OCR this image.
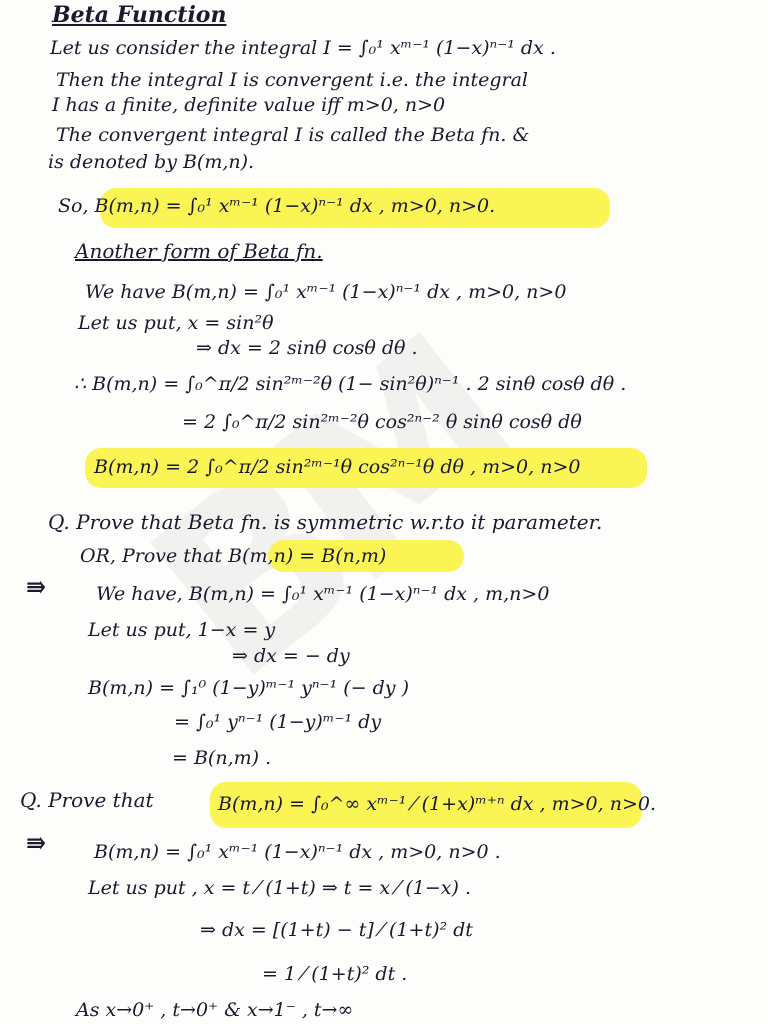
Beta Function
Let us consider the integral I = ∫₀¹ xᵐ⁻¹ (1−x)ⁿ⁻¹ dx .
Then the integral I is convergent i.e. the integral
I has a finite, definite value iff m>0, n>0
The convergent integral I is called the Beta fn. &
is denoted by B(m,n).
So, B(m,n) = ∫₀¹ xᵐ⁻¹ (1−x)ⁿ⁻¹ dx , m>0, n>0.
Another form of Beta fn.
We have B(m,n) = ∫₀¹ xᵐ⁻¹ (1−x)ⁿ⁻¹ dx , m>0, n>0
Let us put, x = sin²θ
⇒ dx = 2 sinθ cosθ dθ .
∴ B(m,n) = ∫₀^π/2 sin²ᵐ⁻²θ (1− sin²θ)ⁿ⁻¹ . 2 sinθ cosθ dθ .
= 2 ∫₀^π/2 sin²ᵐ⁻²θ cos²ⁿ⁻² θ sinθ cosθ dθ
B(m,n) = 2 ∫₀^π/2 sin²ᵐ⁻¹θ cos²ⁿ⁻¹θ dθ , m>0, n>0
Q. Prove that Beta fn. is symmetric w.r.to it parameter.
OR, Prove that B(m,n) = B(n,m)
⇛	We have, B(m,n) = ∫₀¹ xᵐ⁻¹ (1−x)ⁿ⁻¹ dx , m,n>0
Let us put, 1−x = y
⇒ dx = − dy
B(m,n) = ∫₁⁰ (1−y)ᵐ⁻¹ yⁿ⁻¹ (− dy )
= ∫₀¹ yⁿ⁻¹ (1−y)ᵐ⁻¹ dy
= B(n,m) .
Q. Prove that	B(m,n) = ∫₀^∞ xᵐ⁻¹ ⁄ (1+x)ᵐ⁺ⁿ dx , m>0, n>0.
⇛	B(m,n) = ∫₀¹ xᵐ⁻¹ (1−x)ⁿ⁻¹ dx , m>0, n>0 .
Let us put , x = t ⁄ (1+t) ⇒ t = x ⁄ (1−x) .
⇒ dx = [(1+t) − t] ⁄ (1+t)² dt
= 1 ⁄ (1+t)² dt .
As x→0⁺ , t→0⁺ & x→1⁻ , t→∞
